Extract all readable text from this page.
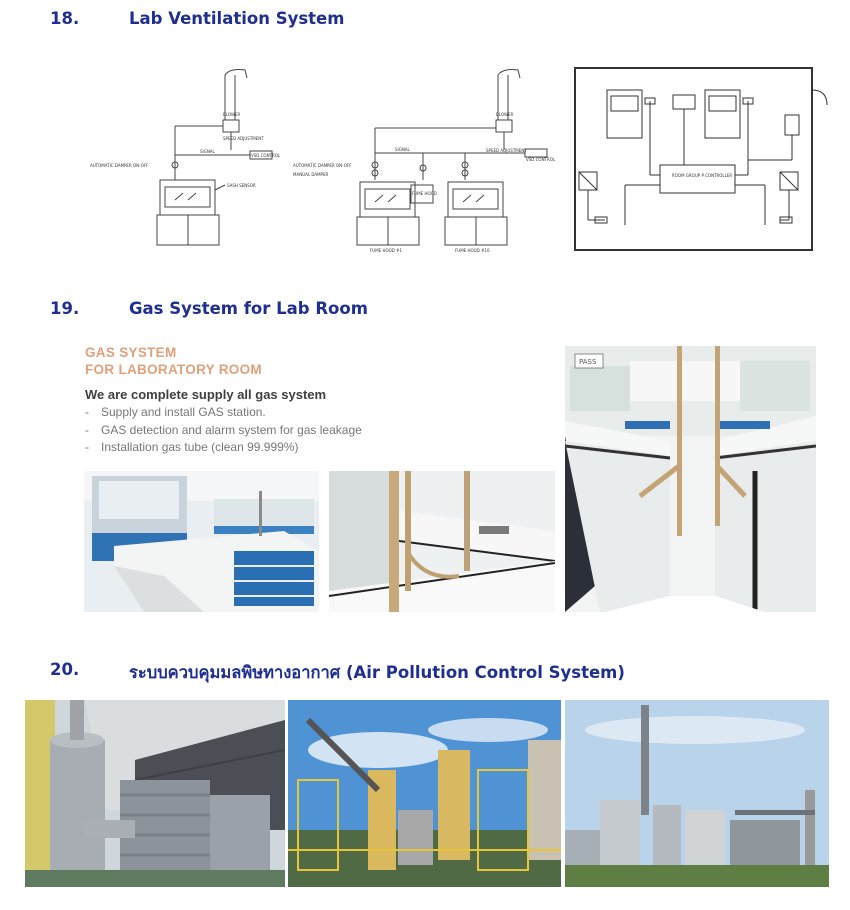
18.	Lab Ventilation System
BLOWER
SPEED ADJUSTMENT
SIGNAL
VSD CONTROL
AUTOMATIC DAMPER ON-OFF
SASH SENSOR
BLOWER
SPEED ADJUSTMENT
SIGNAL
VSD CONTROL
AUTOMATIC DAMPER ON-OFF
MANUAL DAMPER
FUME HOOD
FUME HOOD #1	FUME HOOD #10
ROOM GROUP P CONTROLLER
19.	Gas System for Lab Room
GAS SYSTEM
FOR LABORATORY ROOM
We are complete supply all gas system
- Supply and install GAS station.
- GAS detection and alarm system for gas leakage
- Installation gas tube (clean 99.999%)
PASS
20.	ระบบควบคุมมลพิษทางอากาศ (Air Pollution Control System)
